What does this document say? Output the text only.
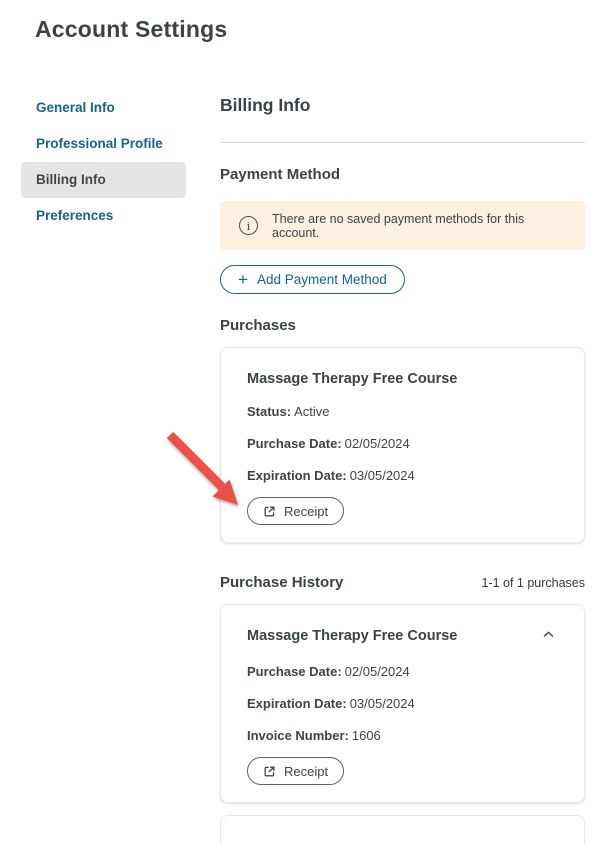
Account Settings
General Info
Professional Profile
Billing Info
Preferences
Billing Info
Payment Method
i	There are no saved payment methods for this account.
+ Add Payment Method
Purchases
Massage Therapy Free Course
Status: Active
Purchase Date: 02/05/2024
Expiration Date: 03/05/2024
Receipt
Purchase History	1-1 of 1 purchases
Massage Therapy Free Course
Purchase Date: 02/05/2024
Expiration Date: 03/05/2024
Invoice Number: 1606
Receipt
